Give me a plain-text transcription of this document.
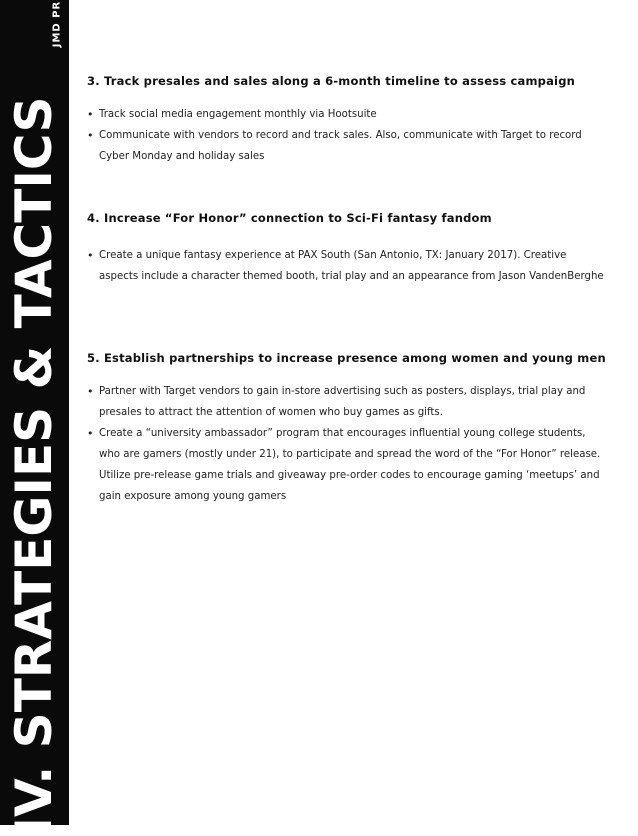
JMD PR
IV. STRATEGIES & TACTICS
3. Track presales and sales along a 6-month timeline to assess campaign
• Track social media engagement monthly via Hootsuite
• Communicate with vendors to record and track sales. Also, communicate with Target to record Cyber Monday and holiday sales
4. Increase “For Honor” connection to Sci-Fi fantasy fandom
• Create a unique fantasy experience at PAX South (San Antonio, TX: January 2017). Creative aspects include a character themed booth, trial play and an appearance from Jason VandenBerghe
5. Establish partnerships to increase presence among women and young men
• Partner with Target vendors to gain in-store advertising such as posters, displays, trial play and presales to attract the attention of women who buy games as gifts.
• Create a “university ambassador” program that encourages influential young college students, who are gamers (mostly under 21), to participate and spread the word of the “For Honor” release. Utilize pre-release game trials and giveaway pre-order codes to encourage gaming ‘meetups’ and gain exposure among young gamers
